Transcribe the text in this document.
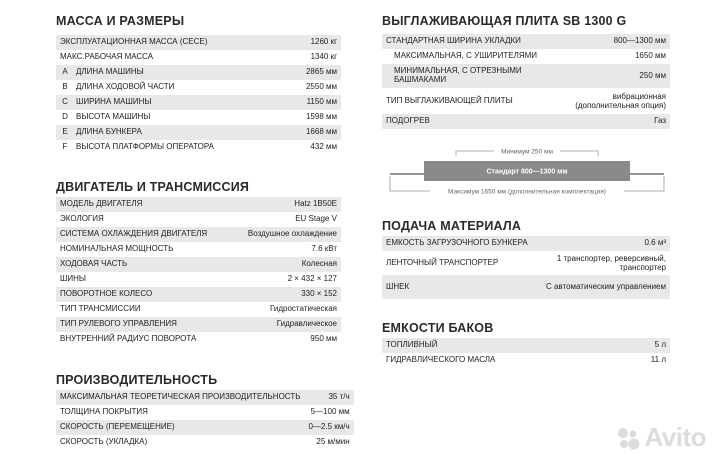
МАССА И РАЗМЕРЫ
ЭКСПЛУАТАЦИОННАЯ МАССА (CECE)		1260 кг
МАКС.РАБОЧАЯ МАССА		1340 кг
A	ДЛИНА МАШИНЫ	2865 мм
B	ДЛИНА ХОДОВОЙ ЧАСТИ	2550 мм
C	ШИРИНА МАШИНЫ	1150 мм
D	ВЫСОТА МАШИНЫ	1598 мм
E	ДЛИНА БУНКЕРА	1668 мм
F	ВЫСОТА ПЛАТФОРМЫ ОПЕРАТОРА	432 мм
ДВИГАТЕЛЬ И ТРАНСМИССИЯ
МОДЕЛЬ ДВИГАТЕЛЯ	Hatz 1B50E
ЭКОЛОГИЯ	EU Stage V
СИСТЕМА ОХЛАЖДЕНИЯ ДВИГАТЕЛЯ	Воздушное охлаждение
НОМИНАЛЬНАЯ МОЩНОСТЬ	7.6 кВт
ХОДОВАЯ ЧАСТЬ	Колесная
ШИНЫ	2 × 432 × 127
ПОВОРОТНОЕ КОЛЕСО	330 × 152
ТИП ТРАНСМИССИИ	Гидростатическая
ТИП РУЛЕВОГО УПРАВЛЕНИЯ	Гидравлическое
ВНУТРЕННИЙ РАДИУС ПОВОРОТА	950 мм
ПРОИЗВОДИТЕЛЬНОСТЬ
МАКСИМАЛЬНАЯ ТЕОРЕТИЧЕСКАЯ ПРОИЗВОДИТЕЛЬНОСТЬ	35 т/ч
ТОЛЩИНА ПОКРЫТИЯ	5—100 мм
СКОРОСТЬ (ПЕРЕМЕЩЕНИЕ)	0—2.5 км/ч
СКОРОСТЬ (УКЛАДКА)	25 м/мин
ВЫГЛАЖИВАЮЩАЯ ПЛИТА SB 1300 G
СТАНДАРТНАЯ ШИРИНА УКЛАДКИ	800—1300 мм
МАКСИМАЛЬНАЯ, С УШИРИТЕЛЯМИ	1650 мм
МИНИМАЛЬНАЯ, С ОТРЕЗНЫМИ БАШМАКАМИ	250 мм
ТИП ВЫГЛАЖИВАЮЩЕЙ ПЛИТЫ	вибрационная (дополнительная опция)
ПОДОГРЕВ	Газ
ПОДАЧА МАТЕРИАЛА
ЕМКОСТЬ ЗАГРУЗОЧНОГО БУНКЕРА	0.6 м³
ЛЕНТОЧНЫЙ ТРАНСПОРТЕР	1 транспортер, реверсивный, транспортер
ШНЕК	С автоматическим управлением
ЕМКОСТИ БАКОВ
ТОПЛИВНЫЙ	5 л
ГИДРАВЛИЧЕСКОГО МАСЛА	11 л
Минимум 250 мм
Стандарт 800—1300 мм
Максимум 1650 мм (дополнительная комплектация)
Avito
